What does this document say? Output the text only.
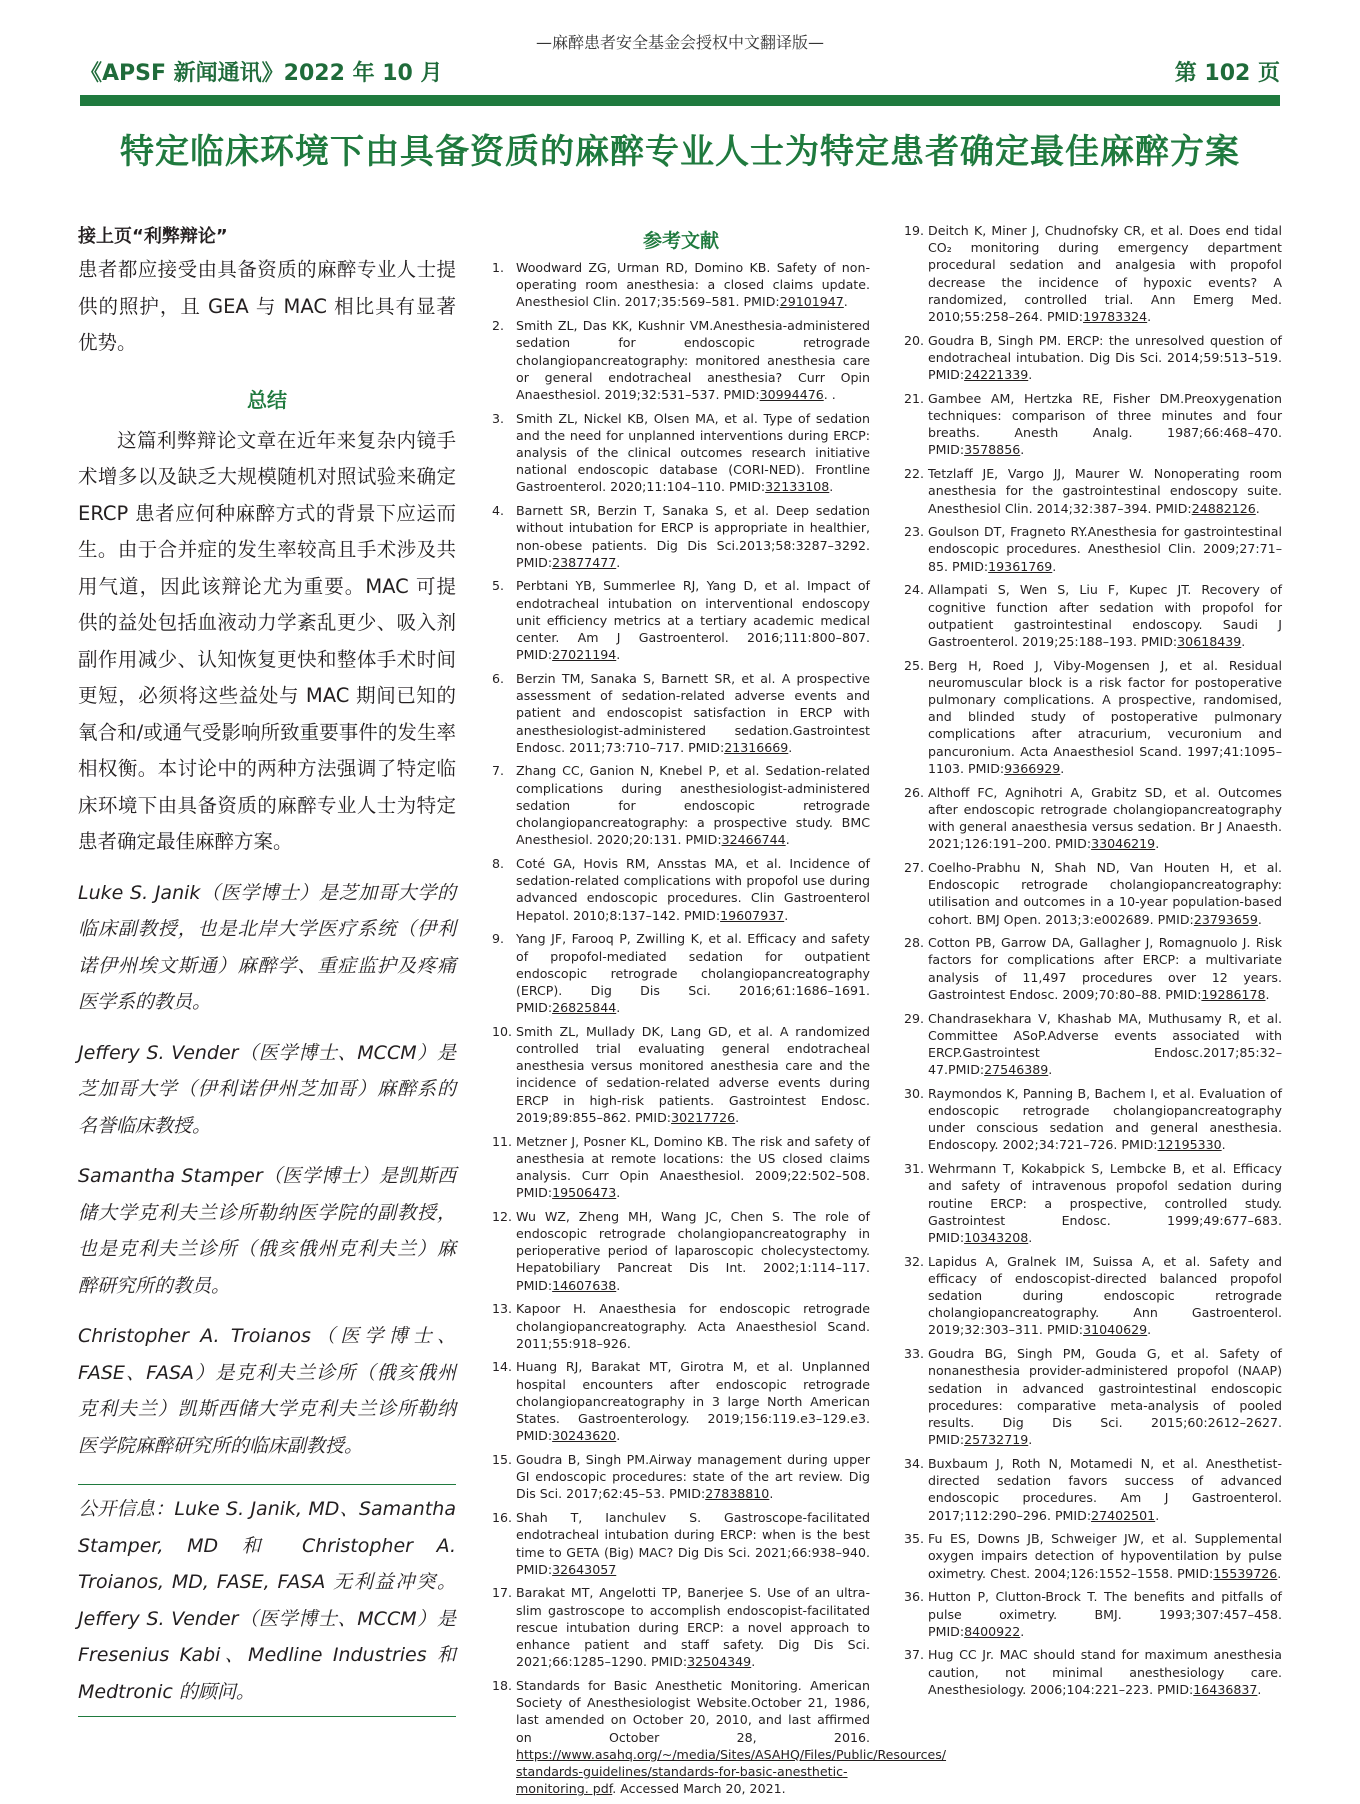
—麻醉患者安全基金会授权中文翻译版—
《APSF 新闻通讯》2022 年 10 月	第 102 页
特定临床环境下由具备资质的麻醉专业人士为特定患者确定最佳麻醉方案
接上页“利弊辩论”

患者都应接受由具备资质的麻醉专业人士提供的照护，且 GEA 与 MAC 相比具有显著优势。

总结

这篇利弊辩论文章在近年来复杂内镜手术增多以及缺乏大规模随机对照试验来确定 ERCP 患者应何种麻醉方式的背景下应运而生。由于合并症的发生率较高且手术涉及共用气道，因此该辩论尤为重要。MAC 可提供的益处包括血液动力学紊乱更少、吸入剂副作用减少、认知恢复更快和整体手术时间更短，必须将这些益处与 MAC 期间已知的氧合和/或通气受影响所致重要事件的发生率相权衡。本讨论中的两种方法强调了特定临床环境下由具备资质的麻醉专业人士为特定患者确定最佳麻醉方案。

Luke S. Janik（医学博士）是芝加哥大学的临床副教授，也是北岸大学医疗系统（伊利诺伊州埃文斯通）麻醉学、重症监护及疼痛医学系的教员。

Jeffery S. Vender（医学博士、MCCM）是芝加哥大学（伊利诺伊州芝加哥）麻醉系的名誉临床教授。

Samantha Stamper（医学博士）是凯斯西储大学克利夫兰诊所勒纳医学院的副教授，也是克利夫兰诊所（俄亥俄州克利夫兰）麻醉研究所的教员。

Christopher A. Troianos（医学博士、FASE、FASA）是克利夫兰诊所（俄亥俄州克利夫兰）凯斯西储大学克利夫兰诊所勒纳医学院麻醉研究所的临床副教授。

公开信息：Luke S. Janik, MD、Samantha Stamper, MD 和 Christopher A. Troianos, MD, FASE, FASA 无利益冲突。Jeffery S. Vender（医学博士、MCCM）是 Fresenius Kabi、Medline Industries 和 Medtronic 的顾问。

参考文献
1. Woodward ZG, Urman RD, Domino KB. Safety of non-operating room anesthesia: a closed claims update. Anesthesiol Clin. 2017;35:569–581. PMID:29101947.
2. Smith ZL, Das KK, Kushnir VM.Anesthesia-administered sedation for endoscopic retrograde cholangiopancreatography: monitored anesthesia care or general endotracheal anesthesia? Curr Opin Anaesthesiol. 2019;32:531–537. PMID:30994476. .
3. Smith ZL, Nickel KB, Olsen MA, et al. Type of sedation and the need for unplanned interventions during ERCP: analysis of the clinical outcomes research initiative national endoscopic database (CORI-NED). Frontline Gastroenterol. 2020;11:104–110. PMID:32133108.
4. Barnett SR, Berzin T, Sanaka S, et al. Deep sedation without intubation for ERCP is appropriate in healthier, non-obese patients. Dig Dis Sci.2013;58:3287–3292. PMID:23877477.
5. Perbtani YB, Summerlee RJ, Yang D, et al. Impact of endotracheal intubation on interventional endoscopy unit efficiency metrics at a tertiary academic medical center. Am J Gastroenterol. 2016;111:800–807. PMID:27021194.
6. Berzin TM, Sanaka S, Barnett SR, et al. A prospective assessment of sedation-related adverse events and patient and endoscopist satisfaction in ERCP with anesthesiologist-administered sedation.Gastrointest Endosc. 2011;73:710–717. PMID:21316669.
7. Zhang CC, Ganion N, Knebel P, et al. Sedation-related complications during anesthesiologist-administered sedation for endoscopic retrograde cholangiopancreatography: a prospective study. BMC Anesthesiol. 2020;20:131. PMID:32466744.
8. Coté GA, Hovis RM, Ansstas MA, et al. Incidence of sedation-related complications with propofol use during advanced endoscopic procedures. Clin Gastroenterol Hepatol. 2010;8:137–142. PMID:19607937.
9. Yang JF, Farooq P, Zwilling K, et al. Efficacy and safety of propofol-mediated sedation for outpatient endoscopic retrograde cholangiopancreatography (ERCP). Dig Dis Sci. 2016;61:1686–1691. PMID:26825844.
10. Smith ZL, Mullady DK, Lang GD, et al. A randomized controlled trial evaluating general endotracheal anesthesia versus monitored anesthesia care and the incidence of sedation-related adverse events during ERCP in high-risk patients. Gastrointest Endosc. 2019;89:855–862. PMID:30217726.
11. Metzner J, Posner KL, Domino KB. The risk and safety of anesthesia at remote locations: the US closed claims analysis. Curr Opin Anaesthesiol. 2009;22:502–508. PMID:19506473.
12. Wu WZ, Zheng MH, Wang JC, Chen S. The role of endoscopic retrograde cholangiopancreatography in perioperative period of laparoscopic cholecystectomy. Hepatobiliary Pancreat Dis Int. 2002;1:114–117. PMID:14607638.
13. Kapoor H. Anaesthesia for endoscopic retrograde cholangiopancreatography. Acta Anaesthesiol Scand. 2011;55:918–926.
14. Huang RJ, Barakat MT, Girotra M, et al. Unplanned hospital encounters after endoscopic retrograde cholangiopancreatography in 3 large North American States. Gastroenterology. 2019;156:119.e3–129.e3. PMID:30243620.
15. Goudra B, Singh PM.Airway management during upper GI endoscopic procedures: state of the art review. Dig Dis Sci. 2017;62:45–53. PMID:27838810.
16. Shah T, Ianchulev S. Gastroscope-facilitated endotracheal intubation during ERCP: when is the best time to GETA (Big) MAC? Dig Dis Sci. 2021;66:938–940. PMID:32643057
17. Barakat MT, Angelotti TP, Banerjee S. Use of an ultra-slim gastroscope to accomplish endoscopist-facilitated rescue intubation during ERCP: a novel approach to enhance patient and staff safety. Dig Dis Sci. 2021;66:1285–1290. PMID:32504349.
18. Standards for Basic Anesthetic Monitoring. American Society of Anesthesiologist Website.October 21, 1986, last amended on October 20, 2010, and last affirmed on October 28, 2016. https://www.asahq.org/~/media/Sites/ASAHQ/Files/Public/Resources/ standards-guidelines/standards-for-basic-anesthetic-monitoring. pdf. Accessed March 20, 2021.
19. Deitch K, Miner J, Chudnofsky CR, et al. Does end tidal CO₂ monitoring during emergency department procedural sedation and analgesia with propofol decrease the incidence of hypoxic events? A randomized, controlled trial. Ann Emerg Med. 2010;55:258–264. PMID:19783324.
20. Goudra B, Singh PM. ERCP: the unresolved question of endotracheal intubation. Dig Dis Sci. 2014;59:513–519. PMID:24221339.
21. Gambee AM, Hertzka RE, Fisher DM.Preoxygenation techniques: comparison of three minutes and four breaths. Anesth Analg. 1987;66:468–470. PMID:3578856.
22. Tetzlaff JE, Vargo JJ, Maurer W. Nonoperating room anesthesia for the gastrointestinal endoscopy suite. Anesthesiol Clin. 2014;32:387–394. PMID:24882126.
23. Goulson DT, Fragneto RY.Anesthesia for gastrointestinal endoscopic procedures. Anesthesiol Clin. 2009;27:71–85. PMID:19361769.
24. Allampati S, Wen S, Liu F, Kupec JT. Recovery of cognitive function after sedation with propofol for outpatient gastrointestinal endoscopy. Saudi J Gastroenterol. 2019;25:188–193. PMID:30618439.
25. Berg H, Roed J, Viby-Mogensen J, et al. Residual neuromuscular block is a risk factor for postoperative pulmonary complications. A prospective, randomised, and blinded study of postoperative pulmonary complications after atracurium, vecuronium and pancuronium. Acta Anaesthesiol Scand. 1997;41:1095–1103. PMID:9366929.
26. Althoff FC, Agnihotri A, Grabitz SD, et al. Outcomes after endoscopic retrograde cholangiopancreatography with general anaesthesia versus sedation. Br J Anaesth. 2021;126:191–200. PMID:33046219.
27. Coelho-Prabhu N, Shah ND, Van Houten H, et al. Endoscopic retrograde cholangiopancreatography: utilisation and outcomes in a 10-year population-based cohort. BMJ Open. 2013;3:e002689. PMID:23793659.
28. Cotton PB, Garrow DA, Gallagher J, Romagnuolo J. Risk factors for complications after ERCP: a multivariate analysis of 11,497 procedures over 12 years. Gastrointest Endosc. 2009;70:80–88. PMID:19286178.
29. Chandrasekhara V, Khashab MA, Muthusamy R, et al. Committee ASoP.Adverse events associated with ERCP.Gastrointest Endosc.2017;85:32–47.PMID:27546389.
30. Raymondos K, Panning B, Bachem I, et al. Evaluation of endoscopic retrograde cholangiopancreatography under conscious sedation and general anesthesia. Endoscopy. 2002;34:721–726. PMID:12195330.
31. Wehrmann T, Kokabpick S, Lembcke B, et al. Efficacy and safety of intravenous propofol sedation during routine ERCP: a prospective, controlled study. Gastrointest Endosc. 1999;49:677–683. PMID:10343208.
32. Lapidus A, Gralnek IM, Suissa A, et al. Safety and efficacy of endoscopist-directed balanced propofol sedation during endoscopic retrograde cholangiopancreatography. Ann Gastroenterol. 2019;32:303–311. PMID:31040629.
33. Goudra BG, Singh PM, Gouda G, et al. Safety of nonanesthesia provider-administered propofol (NAAP) sedation in advanced gastrointestinal endoscopic procedures: comparative meta-analysis of pooled results. Dig Dis Sci. 2015;60:2612–2627. PMID:25732719.
34. Buxbaum J, Roth N, Motamedi N, et al. Anesthetist-directed sedation favors success of advanced endoscopic procedures. Am J Gastroenterol. 2017;112:290–296. PMID:27402501.
35. Fu ES, Downs JB, Schweiger JW, et al. Supplemental oxygen impairs detection of hypoventilation by pulse oximetry. Chest. 2004;126:1552–1558. PMID:15539726.
36. Hutton P, Clutton-Brock T. The benefits and pitfalls of pulse oximetry. BMJ. 1993;307:457–458. PMID:8400922.
37. Hug CC Jr. MAC should stand for maximum anesthesia caution, not minimal anesthesiology care. Anesthesiology. 2006;104:221–223. PMID:16436837.
